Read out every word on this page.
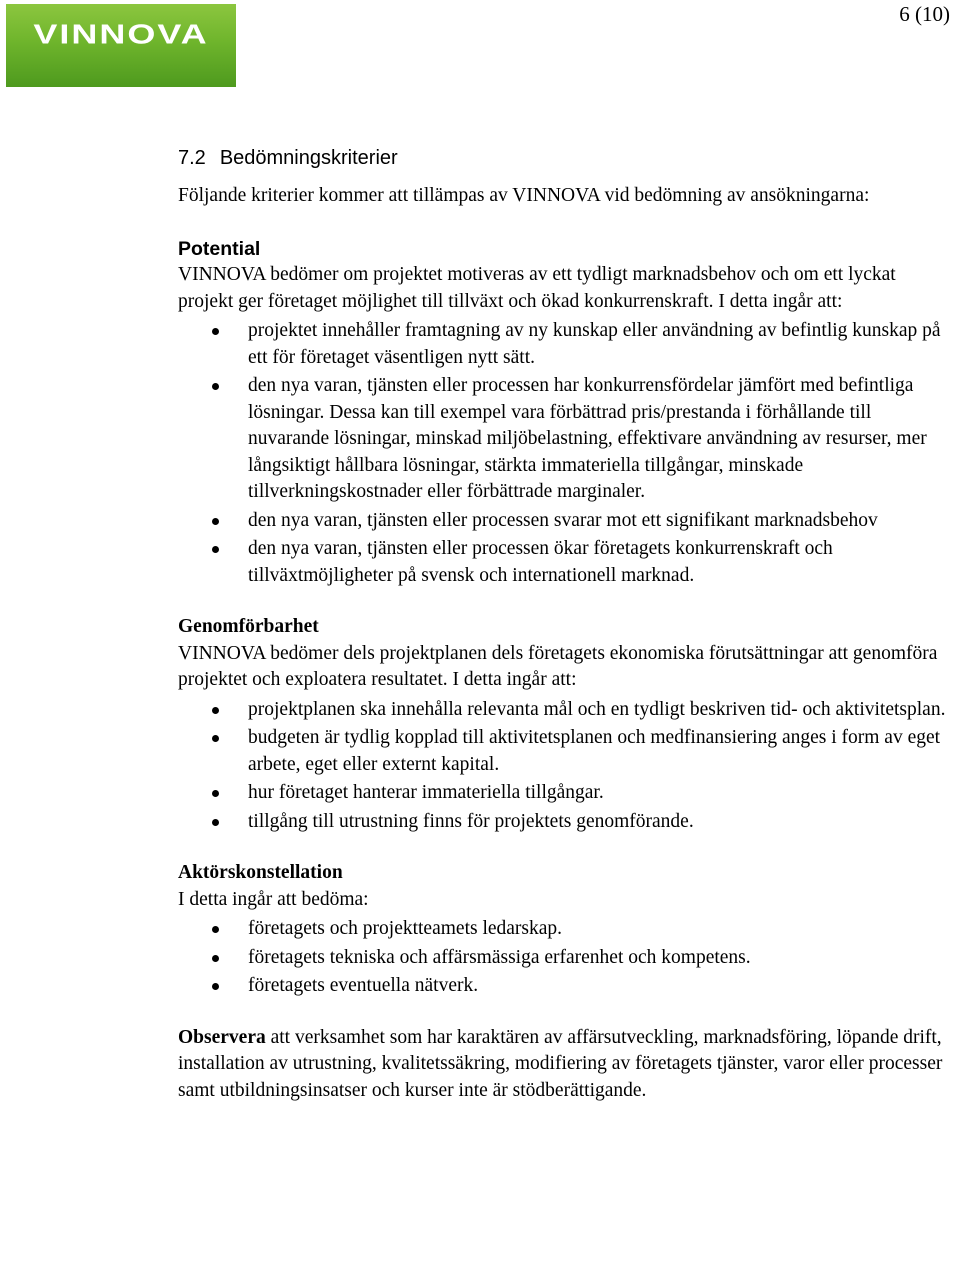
VINNOVA
6 (10)
7.2 Bedömningskriterier

Följande kriterier kommer att tillämpas av VINNOVA vid bedömning av ansökningarna:

Potential

VINNOVA bedömer om projektet motiveras av ett tydligt marknadsbehov och om ett lyckat projekt ger företaget möjlighet till tillväxt och ökad konkurrenskraft. I detta ingår att:

projektet innehåller framtagning av ny kunskap eller användning av befintlig kunskap på ett för företaget väsentligen nytt sätt.
den nya varan, tjänsten eller processen har konkurrensfördelar jämfört med befintliga lösningar. Dessa kan till exempel vara förbättrad pris/prestanda i förhållande till nuvarande lösningar, minskad miljöbelastning, effektivare användning av resurser, mer långsiktigt hållbara lösningar, stärkta immateriella tillgångar, minskade tillverkningskostnader eller förbättrade marginaler.
den nya varan, tjänsten eller processen svarar mot ett signifikant marknadsbehov
den nya varan, tjänsten eller processen ökar företagets konkurrenskraft och tillväxtmöjligheter på svensk och internationell marknad.
Genomförbarhet

VINNOVA bedömer dels projektplanen dels företagets ekonomiska förutsättningar att genomföra projektet och exploatera resultatet. I detta ingår att:

projektplanen ska innehålla relevanta mål och en tydligt beskriven tid- och aktivitetsplan.
budgeten är tydlig kopplad till aktivitetsplanen och medfinansiering anges i form av eget arbete, eget eller externt kapital.
hur företaget hanterar immateriella tillgångar.
tillgång till utrustning finns för projektets genomförande.
Aktörskonstellation

I detta ingår att bedöma:

företagets och projektteamets ledarskap.
företagets tekniska och affärsmässiga erfarenhet och kompetens.
företagets eventuella nätverk.

Observera att verksamhet som har karaktären av affärsutveckling, marknadsföring, löpande drift, installation av utrustning, kvalitetssäkring, modifiering av företagets tjänster, varor eller processer samt utbildningsinsatser och kurser inte är stödberättigande.
